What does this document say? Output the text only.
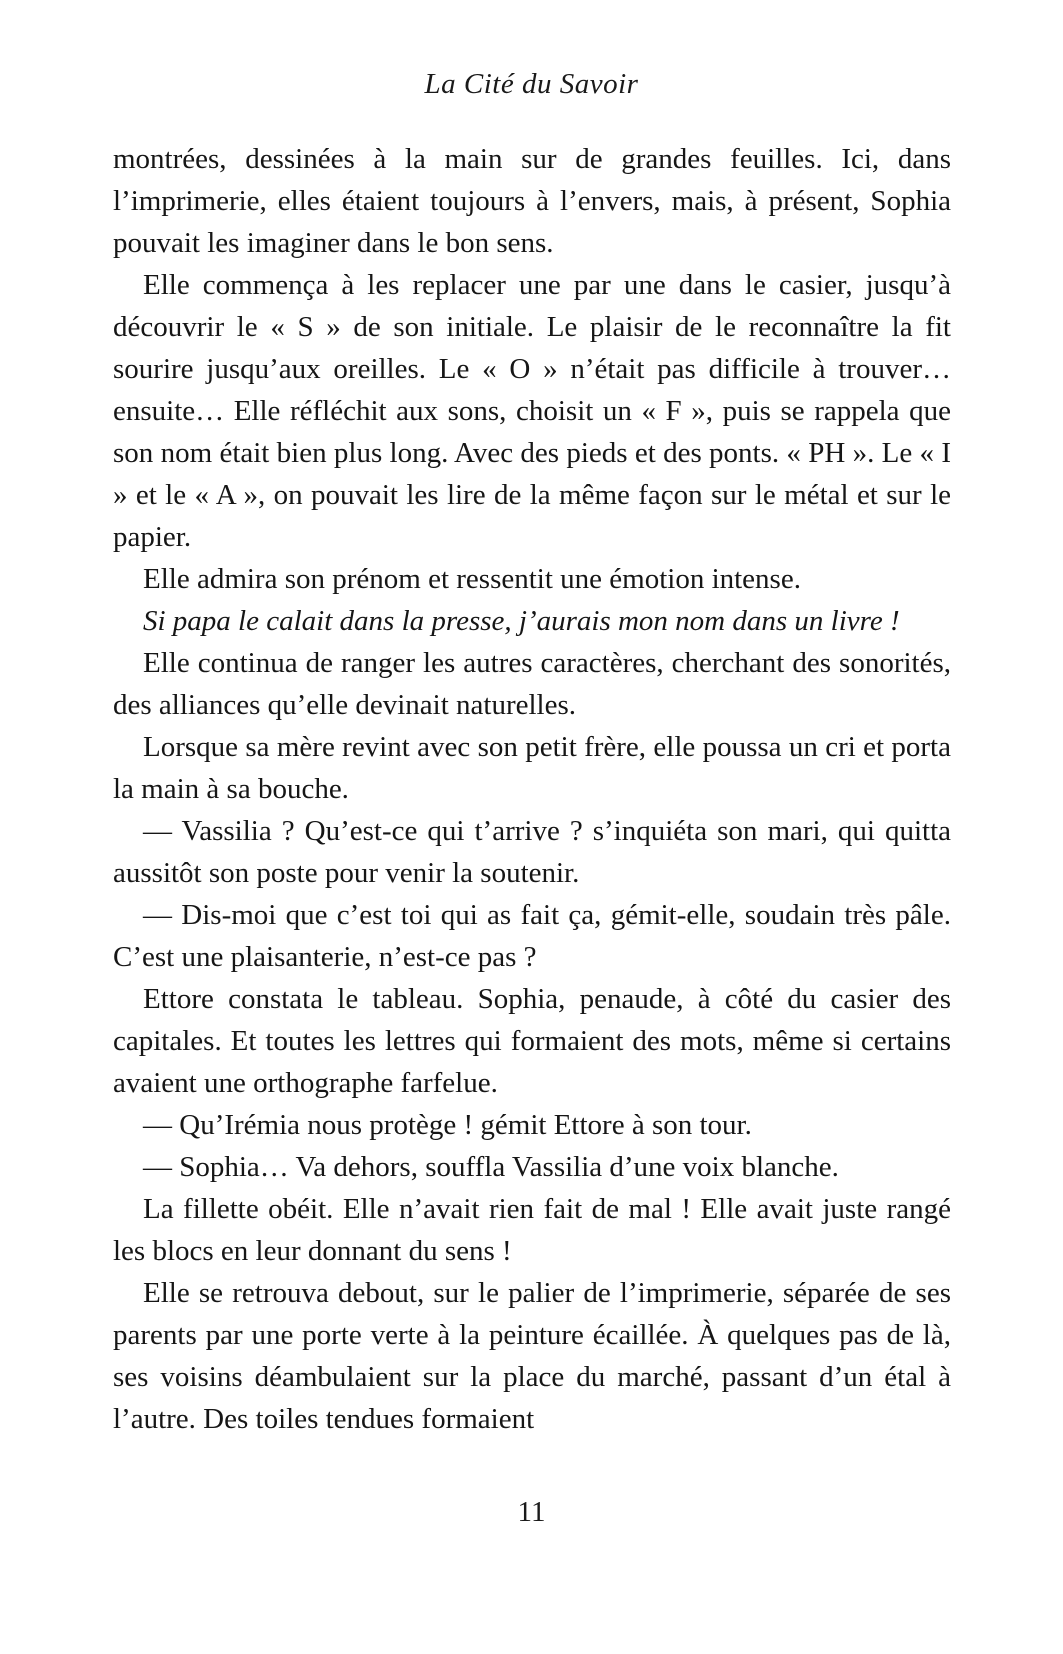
La Cité du Savoir

montrées, dessinées à la main sur de grandes feuilles. Ici, dans l’imprimerie, elles étaient toujours à l’envers, mais, à présent, Sophia pouvait les imaginer dans le bon sens.

Elle commença à les replacer une par une dans le casier, jusqu’à découvrir le « S » de son initiale. Le plaisir de le reconnaître la fit sourire jusqu’aux oreilles. Le « O » n’était pas difficile à trouver… ensuite… Elle réfléchit aux sons, choisit un « F », puis se rappela que son nom était bien plus long. Avec des pieds et des ponts. « PH ». Le « I » et le « A », on pouvait les lire de la même façon sur le métal et sur le papier.

Elle admira son prénom et ressentit une émotion intense.

Si papa le calait dans la presse, j’aurais mon nom dans un livre !

Elle continua de ranger les autres caractères, cherchant des sonorités, des alliances qu’elle devinait naturelles.

Lorsque sa mère revint avec son petit frère, elle poussa un cri et porta la main à sa bouche.

— Vassilia ? Qu’est-ce qui t’arrive ? s’inquiéta son mari, qui quitta aussitôt son poste pour venir la soutenir.

— Dis-moi que c’est toi qui as fait ça, gémit-elle, soudain très pâle. C’est une plaisanterie, n’est-ce pas ?

Ettore constata le tableau. Sophia, penaude, à côté du casier des capitales. Et toutes les lettres qui formaient des mots, même si certains avaient une orthographe farfelue.

— Qu’Irémia nous protège ! gémit Ettore à son tour.

— Sophia… Va dehors, souffla Vassilia d’une voix blanche.

La fillette obéit. Elle n’avait rien fait de mal ! Elle avait juste rangé les blocs en leur donnant du sens !

Elle se retrouva debout, sur le palier de l’imprimerie, séparée de ses parents par une porte verte à la peinture écaillée. À quelques pas de là, ses voisins déambulaient sur la place du marché, passant d’un étal à l’autre. Des toiles tendues formaient

11
